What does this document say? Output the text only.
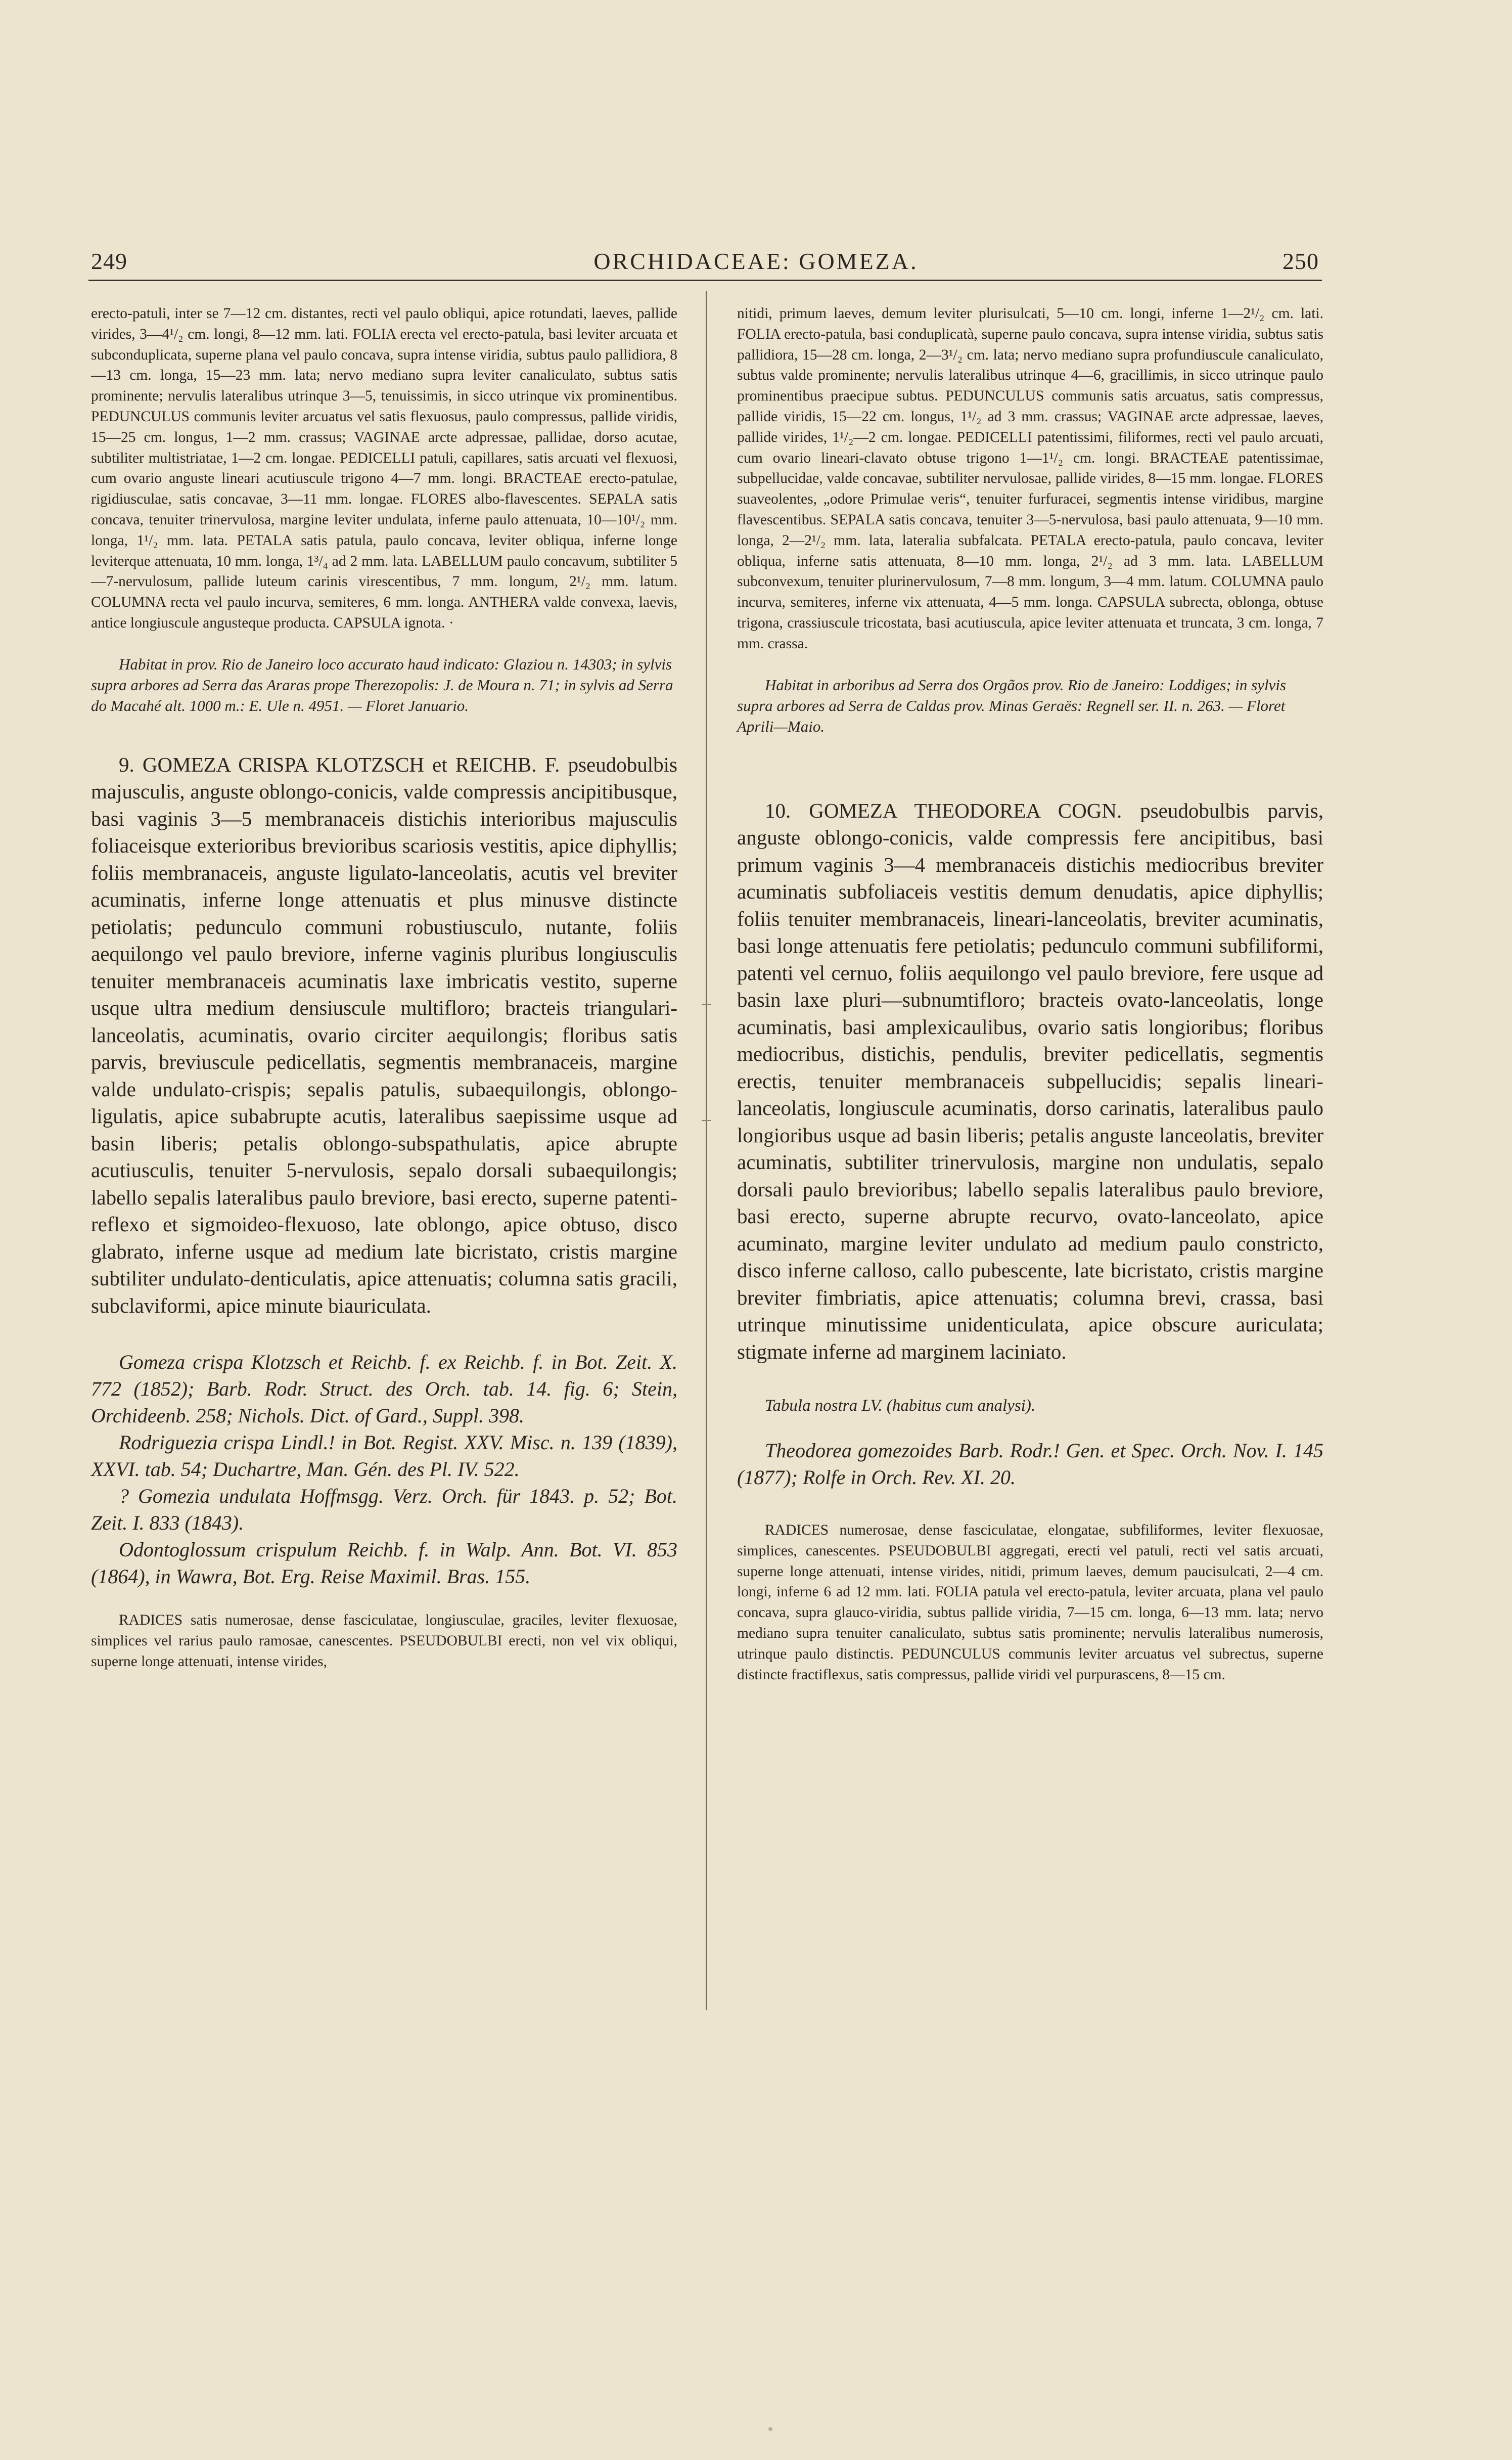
249	ORCHIDACEAE: GOMEZA.	250

erecto-patuli, inter se 7—12 cm. distantes, recti vel paulo obliqui, apice rotundati, laeves, pallide virides, 3—4¹/₂ cm. longi, 8—12 mm. lati. FOLIA erecta vel erecto-patula, basi leviter arcuata et subconduplicata, superne plana vel paulo concava, supra intense viridia, subtus paulo pallidiora, 8—13 cm. longa, 15—23 mm. lata; nervo mediano supra leviter canaliculato, subtus satis prominente; nervulis lateralibus utrinque 3—5, tenuissimis, in sicco utrinque vix prominentibus. PEDUNCULUS communis leviter arcuatus vel satis flexuosus, paulo compressus, pallide viridis, 15—25 cm. longus, 1—2 mm. crassus; VAGINAE arcte adpressae, pallidae, dorso acutae, subtiliter multistriatae, 1—2 cm. longae. PEDICELLI patuli, capillares, satis arcuati vel flexuosi, cum ovario anguste lineari acutiuscule trigono 4—7 mm. longi. BRACTEAE erecto-patulae, rigidiusculae, satis concavae, 3—11 mm. longae. FLORES albo-flavescentes. SEPALA satis concava, tenuiter trinervulosa, margine leviter undulata, inferne paulo attenuata, 10—10¹/₂ mm. longa, 1¹/₂ mm. lata. PETALA satis patula, paulo concava, leviter obliqua, inferne longe leviterque attenuata, 10 mm. longa, 1³/₄ ad 2 mm. lata. LABELLUM paulo concavum, subtiliter 5—7-nervulosum, pallide luteum carinis virescentibus, 7 mm. longum, 2¹/₂ mm. latum. COLUMNA recta vel paulo incurva, semiteres, 6 mm. longa. ANTHERA valde convexa, laevis, antice longiuscule angusteque producta. CAPSULA ignota. ·

Habitat in prov. Rio de Janeiro loco accurato haud indicato: Glaziou n. 14303; in sylvis supra arbores ad Serra das Araras prope Therezopolis: J. de Moura n. 71; in sylvis ad Serra do Macahé alt. 1000 m.: E. Ule n. 4951. — Floret Januario.

9. GOMEZA CRISPA KLOTZSCH et REICHB. F. pseudobulbis majusculis, anguste oblongo-conicis, valde compressis ancipitibusque, basi vaginis 3—5 membranaceis distichis interioribus majusculis foliaceisque exterioribus brevioribus scariosis vestitis, apice diphyllis; foliis membranaceis, anguste ligulato-lanceolatis, acutis vel breviter acuminatis, inferne longe attenuatis et plus minusve distincte petiolatis; pedunculo communi robustiusculo, nutante, foliis aequilongo vel paulo breviore, inferne vaginis pluribus longiusculis tenuiter membranaceis acuminatis laxe imbricatis vestito, superne usque ultra medium densiuscule multifloro; bracteis triangulari-lanceolatis, acuminatis, ovario circiter aequilongis; floribus satis parvis, breviuscule pedicellatis, segmentis membranaceis, margine valde undulato-crispis; sepalis patulis, subaequilongis, oblongo-ligulatis, apice subabrupte acutis, lateralibus saepissime usque ad basin liberis; petalis oblongo-subspathulatis, apice abrupte acutiusculis, tenuiter 5-nervulosis, sepalo dorsali subaequilongis; labello sepalis lateralibus paulo breviore, basi erecto, superne patenti-reflexo et sigmoideo-flexuoso, late oblongo, apice obtuso, disco glabrato, inferne usque ad medium late bicristato, cristis margine subtiliter undulato-denticulatis, apice attenuatis; columna satis gracili, subclaviformi, apice minute biauriculata.

Gomeza crispa Klotzsch et Reichb. f. ex Reichb. f. in Bot. Zeit. X. 772 (1852); Barb. Rodr. Struct. des Orch. tab. 14. fig. 6; Stein, Orchideenb. 258; Nichols. Dict. of Gard., Suppl. 398.

Rodriguezia crispa Lindl.! in Bot. Regist. XXV. Misc. n. 139 (1839), XXVI. tab. 54; Duchartre, Man. Gén. des Pl. IV. 522.

? Gomezia undulata Hoffmsgg. Verz. Orch. für 1843. p. 52; Bot. Zeit. I. 833 (1843).

Odontoglossum crispulum Reichb. f. in Walp. Ann. Bot. VI. 853 (1864), in Wawra, Bot. Erg. Reise Maximil. Bras. 155.

RADICES satis numerosae, dense fasciculatae, longiusculae, graciles, leviter flexuosae, simplices vel rarius paulo ramosae, canescentes. PSEUDOBULBI erecti, non vel vix obliqui, superne longe attenuati, intense virides,

nitidi, primum laeves, demum leviter plurisulcati, 5—10 cm. longi, inferne 1—2¹/₂ cm. lati. FOLIA erecto-patula, basi conduplicatà, superne paulo concava, supra intense viridia, subtus satis pallidiora, 15—28 cm. longa, 2—3¹/₂ cm. lata; nervo mediano supra profundiuscule canaliculato, subtus valde prominente; nervulis lateralibus utrinque 4—6, gracillimis, in sicco utrinque paulo prominentibus praecipue subtus. PEDUNCULUS communis satis arcuatus, satis compressus, pallide viridis, 15—22 cm. longus, 1¹/₂ ad 3 mm. crassus; VAGINAE arcte adpressae, laeves, pallide virides, 1¹/₂—2 cm. longae. PEDICELLI patentissimi, filiformes, recti vel paulo arcuati, cum ovario lineari-clavato obtuse trigono 1—1¹/₂ cm. longi. BRACTEAE patentissimae, subpellucidae, valde concavae, subtiliter nervulosae, pallide virides, 8—15 mm. longae. FLORES suaveolentes, „odore Primulae veris“, tenuiter furfuracei, segmentis intense viridibus, margine flavescentibus. SEPALA satis concava, tenuiter 3—5-nervulosa, basi paulo attenuata, 9—10 mm. longa, 2—2¹/₂ mm. lata, lateralia subfalcata. PETALA erecto-patula, paulo concava, leviter obliqua, inferne satis attenuata, 8—10 mm. longa, 2¹/₂ ad 3 mm. lata. LABELLUM subconvexum, tenuiter plurinervulosum, 7—8 mm. longum, 3—4 mm. latum. COLUMNA paulo incurva, semiteres, inferne vix attenuata, 4—5 mm. longa. CAPSULA subrecta, oblonga, obtuse trigona, crassiuscule tricostata, basi acutiuscula, apice leviter attenuata et truncata, 3 cm. longa, 7 mm. crassa.

Habitat in arboribus ad Serra dos Orgãos prov. Rio de Janeiro: Loddiges; in sylvis supra arbores ad Serra de Caldas prov. Minas Geraës: Regnell ser. II. n. 263. — Floret Aprili—Maio.

10. GOMEZA THEODOREA COGN. pseudobulbis parvis, anguste oblongo-conicis, valde compressis fere ancipitibus, basi primum vaginis 3—4 membranaceis distichis mediocribus breviter acuminatis subfoliaceis vestitis demum denudatis, apice diphyllis; foliis tenuiter membranaceis, lineari-lanceolatis, breviter acuminatis, basi longe attenuatis fere petiolatis; pedunculo communi subfiliformi, patenti vel cernuo, foliis aequilongo vel paulo breviore, fere usque ad basin laxe pluri—subnumtifloro; bracteis ovato-lanceolatis, longe acuminatis, basi amplexicaulibus, ovario satis longioribus; floribus mediocribus, distichis, pendulis, breviter pedicellatis, segmentis erectis, tenuiter membranaceis subpellucidis; sepalis lineari-lanceolatis, longiuscule acuminatis, dorso carinatis, lateralibus paulo longioribus usque ad basin liberis; petalis anguste lanceolatis, breviter acuminatis, subtiliter trinervulosis, margine non undulatis, sepalo dorsali paulo brevioribus; labello sepalis lateralibus paulo breviore, basi erecto, superne abrupte recurvo, ovato-lanceolato, apice acuminato, margine leviter undulato ad medium paulo constricto, disco inferne calloso, callo pubescente, late bicristato, cristis margine breviter fimbriatis, apice attenuatis; columna brevi, crassa, basi utrinque minutissime unidenticulata, apice obscure auriculata; stigmate inferne ad marginem laciniato.

Tabula nostra LV. (habitus cum analysi).

Theodorea gomezoides Barb. Rodr.! Gen. et Spec. Orch. Nov. I. 145 (1877); Rolfe in Orch. Rev. XI. 20.

RADICES numerosae, dense fasciculatae, elongatae, subfiliformes, leviter flexuosae, simplices, canescentes. PSEUDOBULBI aggregati, erecti vel patuli, recti vel satis arcuati, superne longe attenuati, intense virides, nitidi, primum laeves, demum paucisulcati, 2—4 cm. longi, inferne 6 ad 12 mm. lati. FOLIA patula vel erecto-patula, leviter arcuata, plana vel paulo concava, supra glauco-viridia, subtus pallide viridia, 7—15 cm. longa, 6—13 mm. lata; nervo mediano supra tenuiter canaliculato, subtus satis prominente; nervulis lateralibus numerosis, utrinque paulo distinctis. PEDUNCULUS communis leviter arcuatus vel subrectus, superne distincte fractiflexus, satis compressus, pallide viridi vel purpurascens, 8—15 cm.
